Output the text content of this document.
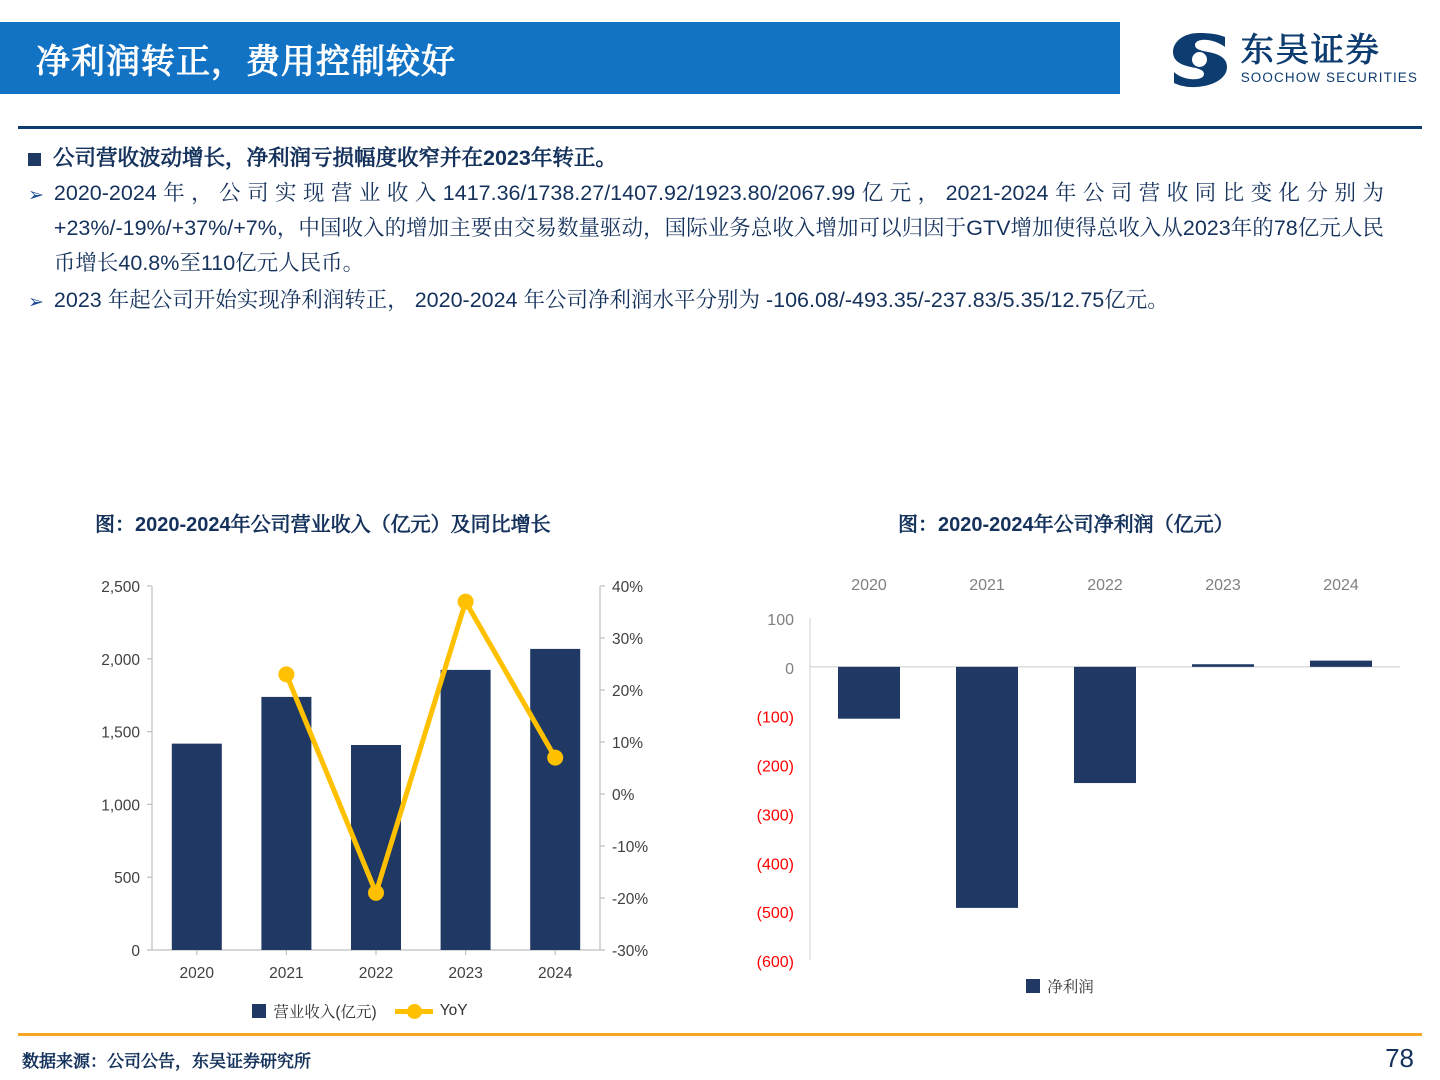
净利润转正，费用控制较好	东吴证券
SOOCHOW SECURITIES
公司营收波动增长，净利润亏损幅度收窄并在2023年转正。
➢ 2020-2024年，公司实现营业收入1417.36/1738.27/1407.92/1923.80/2067.99亿元，2021-2024年公司营收同比变化分别为+23%/-19%/+37%/+7%，中国收入的增加主要由交易数量驱动，国际业务总收入增加可以归因于GTV增加使得总收入从2023年的78亿元人民币增长40.8%至110亿元人民币。
➢ 2023 年起公司开始实现净利润转正， 2020-2024 年公司净利润水平分别为 -106.08/-493.35/-237.83/5.35/12.75亿元。
图：2020-2024年公司营业收入（亿元）及同比增长	图：2020-2024年公司净利润（亿元）
0
500
1,000
1,500
2,000
2,500
-30%
-20%
-10%
0%
10%
20%
30%
40%
2020	2021	2022	2023	2024
营业收入(亿元)	YoY
100
0
(100)
(200)
(300)
(400)
(500)
(600)
2020	2021	2022	2023	2024
净利润
数据来源：公司公告，东吴证券研究所	78
